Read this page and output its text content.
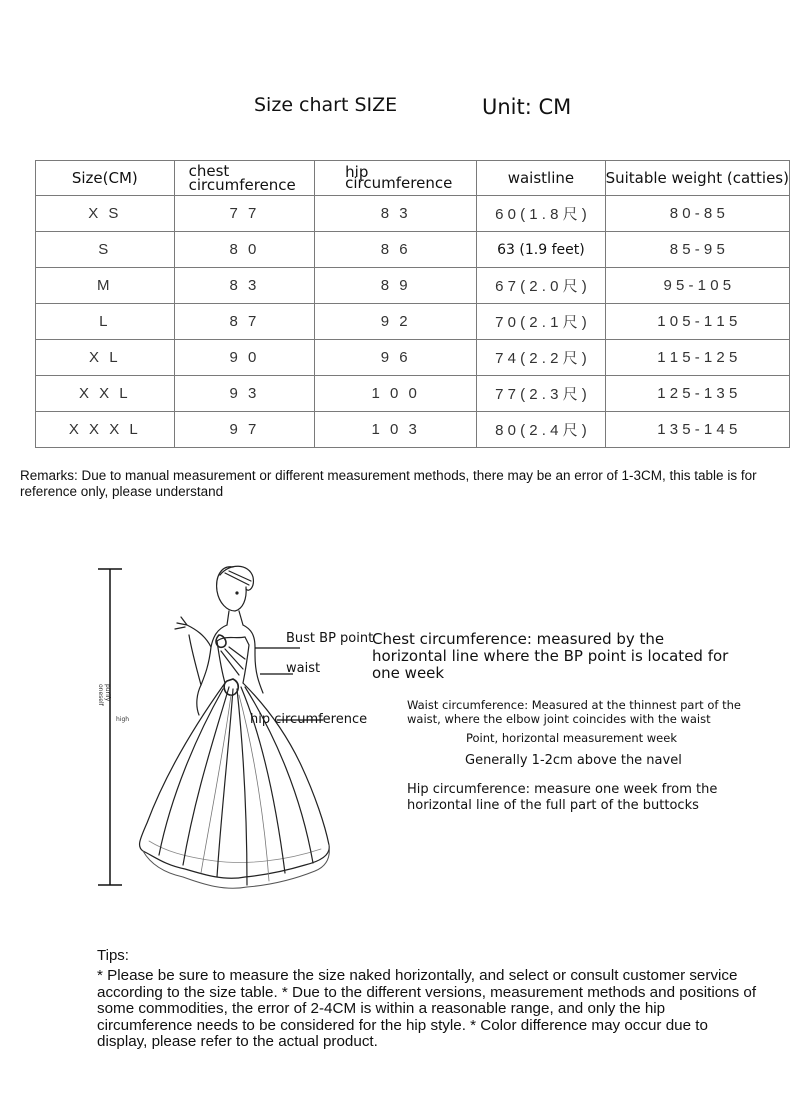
Size chart SIZE	Unit: CM
Size(CM)	chest circumference	hip circumference	waistline	Suitable weight (catties)
X S	7 7	8 3	6 0 ( 1 . 8 尺 )	8 0 - 8 5
S	8 0	8 6	63 (1.9 feet)	8 5 - 9 5
M	8 3	8 9	6 7 ( 2 . 0 尺 )	9 5 - 1 0 5
L	8 7	9 2	7 0 ( 2 . 1 尺 )	1 0 5 - 1 1 5
X L	9 0	9 6	7 4 ( 2 . 2 尺 )	1 1 5 - 1 2 5
X X L	9 3	1 0 0	7 7 ( 2 . 3 尺 )	1 2 5 - 1 3 5
X X X L	9 7	1 0 3	8 0 ( 2 . 4 尺 )	1 3 5 - 1 4 5
Remarks: Due to manual measurement or different measurement methods, there may be an error of 1-3CM, this table is for reference only, please understand
purify
oneself
high
Bust BP point
waist
hip circumference
Chest circumference: measured by the horizontal line where the BP point is located for one week
Waist circumference: Measured at the thinnest part of the waist, where the elbow joint coincides with the waist
Point, horizontal measurement week
Generally 1-2cm above the navel
Hip circumference: measure one week from the horizontal line of the full part of the buttocks
Tips:
* Please be sure to measure the size naked horizontally, and select or consult customer service according to the size table. * Due to the different versions, measurement methods and positions of some commodities, the error of 2-4CM is within a reasonable range, and only the hip circumference needs to be considered for the hip style. * Color difference may occur due to display, please refer to the actual product.
